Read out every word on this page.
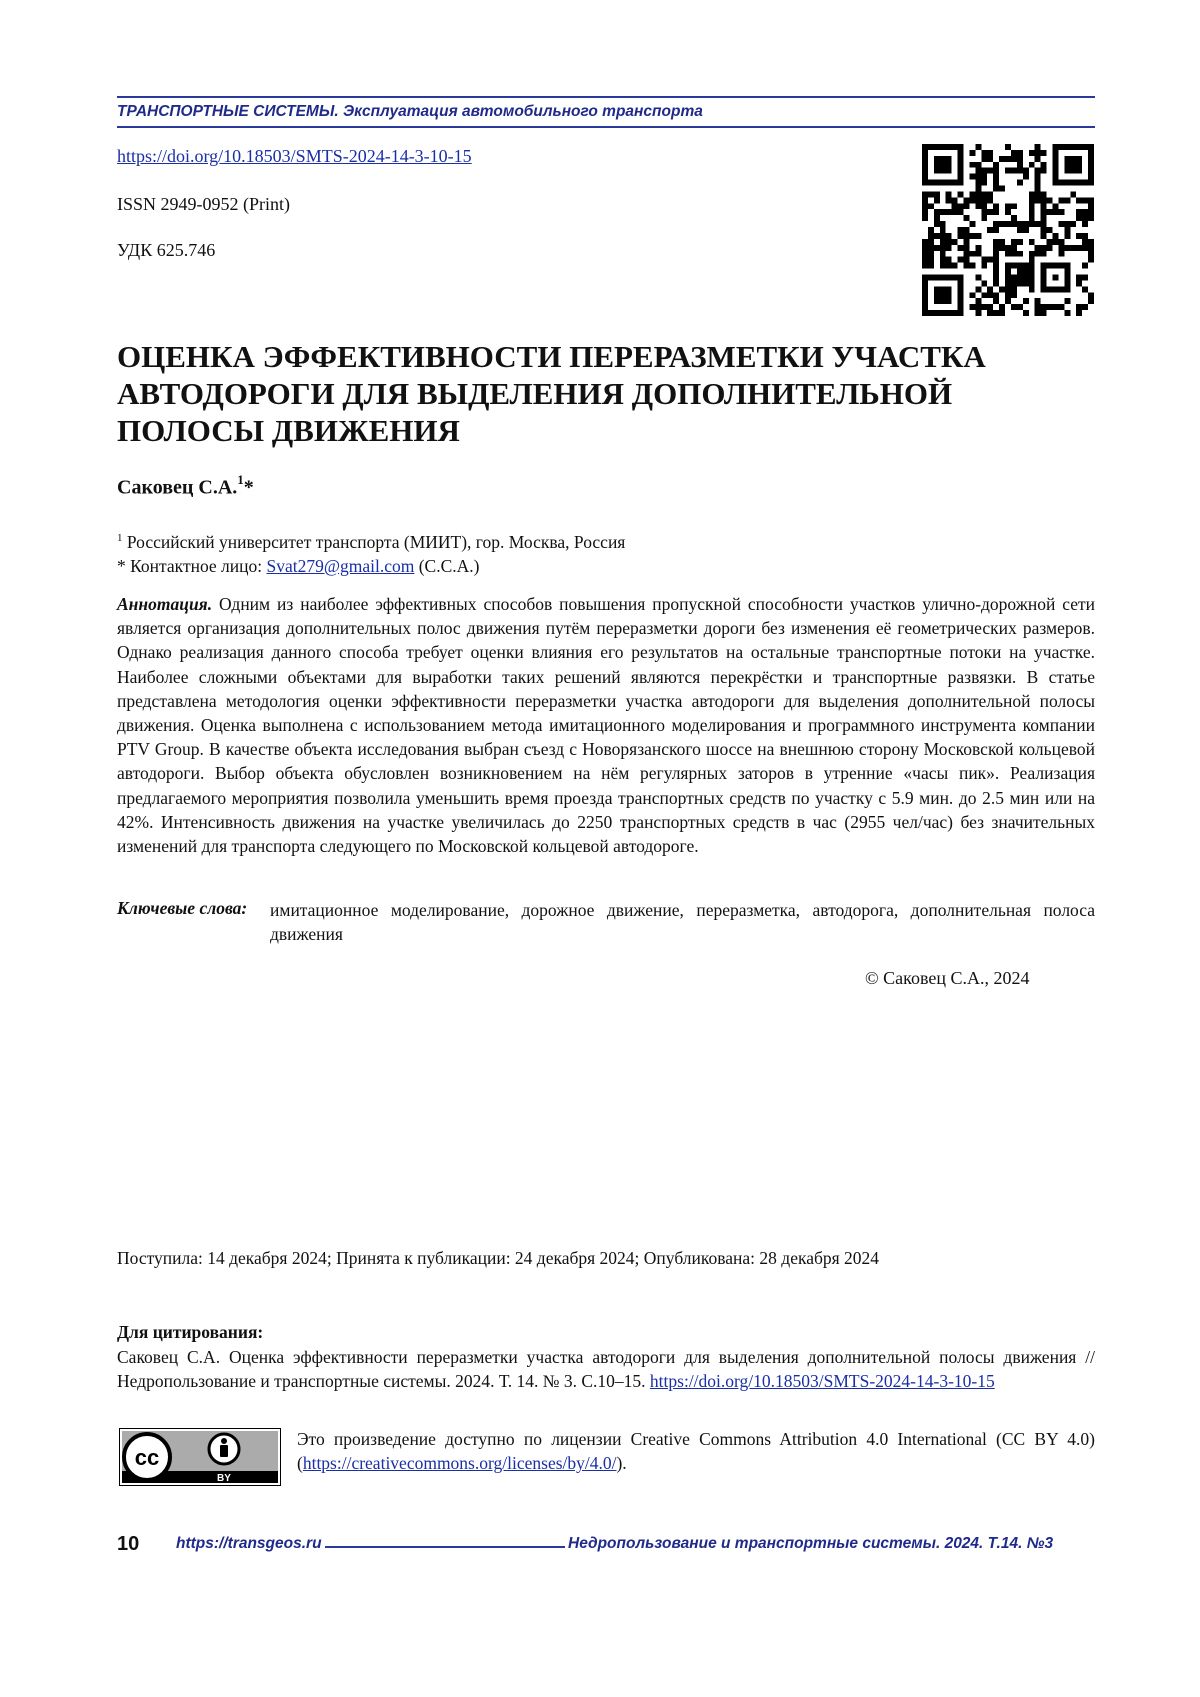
ТРАНСПОРТНЫЕ СИСТЕМЫ. Эксплуатация автомобильного транспорта
https://doi.org/10.18503/SMTS-2024-14-3-10-15
ISSN 2949-0952 (Print)
УДК 625.746
ОЦЕНКА ЭФФЕКТИВНОСТИ ПЕРЕРАЗМЕТКИ УЧАСТКА
АВТОДОРОГИ ДЛЯ ВЫДЕЛЕНИЯ ДОПОЛНИТЕЛЬНОЙ
ПОЛОСЫ ДВИЖЕНИЯ
Саковец С.А.$^1$*
$^1$ Российский университет транспорта (МИИТ), гор. Москва, Россия
* Контактное лицо: Svat279@gmail.com (С.С.А.)
Аннотация. Одним из наиболее эффективных способов повышения пропускной способности участков улично-дорожной сети является организация дополнительных полос движения путём переразметки дороги без изменения её геометрических размеров. Однако реализация данного способа требует оценки влияния его результатов на остальные транспортные потоки на участке. Наиболее сложными объектами для выработки таких решений являются перекрёстки и транспортные развязки. В статье представлена методология оценки эффективности переразметки участка автодороги для выделения дополнительной полосы движения. Оценка выполнена с использованием метода имитационного моделирования и программного инструмента компании PTV Group. В качестве объекта исследования выбран съезд с Новорязанского шоссе на внешнюю сторону Московской кольцевой автодороги. Выбор объекта обусловлен возникновением на нём регулярных заторов в утренние «часы пик». Реализация предлагаемого мероприятия позволила уменьшить время проезда транспортных средств по участку с 5.9 мин. до 2.5 мин или на 42%. Интенсивность движения на участке увеличилась до 2250 транспортных средств в час (2955 чел/час) без значительных изменений для транспорта следующего по Московской кольцевой автодороге.
Ключевые слова: имитационное моделирование, дорожное движение, переразметка, автодорога, дополнительная полоса движения
© Саковец С.А., 2024
Поступила: 14 декабря 2024; Принята к публикации: 24 декабря 2024; Опубликована: 28 декабря 2024
Для цитирования:
Саковец С.А. Оценка эффективности переразметки участка автодороги для выделения дополнительной полосы движения // Недропользование и транспортные системы. 2024. Т. 14. № 3. С.10–15. https://doi.org/10.18503/SMTS-2024-14-3-10-15
cc
BY
Это произведение доступно по лицензии Creative Commons Attribution 4.0 International (CC BY 4.0) (https://creativecommons.org/licenses/by/4.0/).
10 https://transgeos.ru	Недропользование и транспортные системы. 2024. Т.14. №3
